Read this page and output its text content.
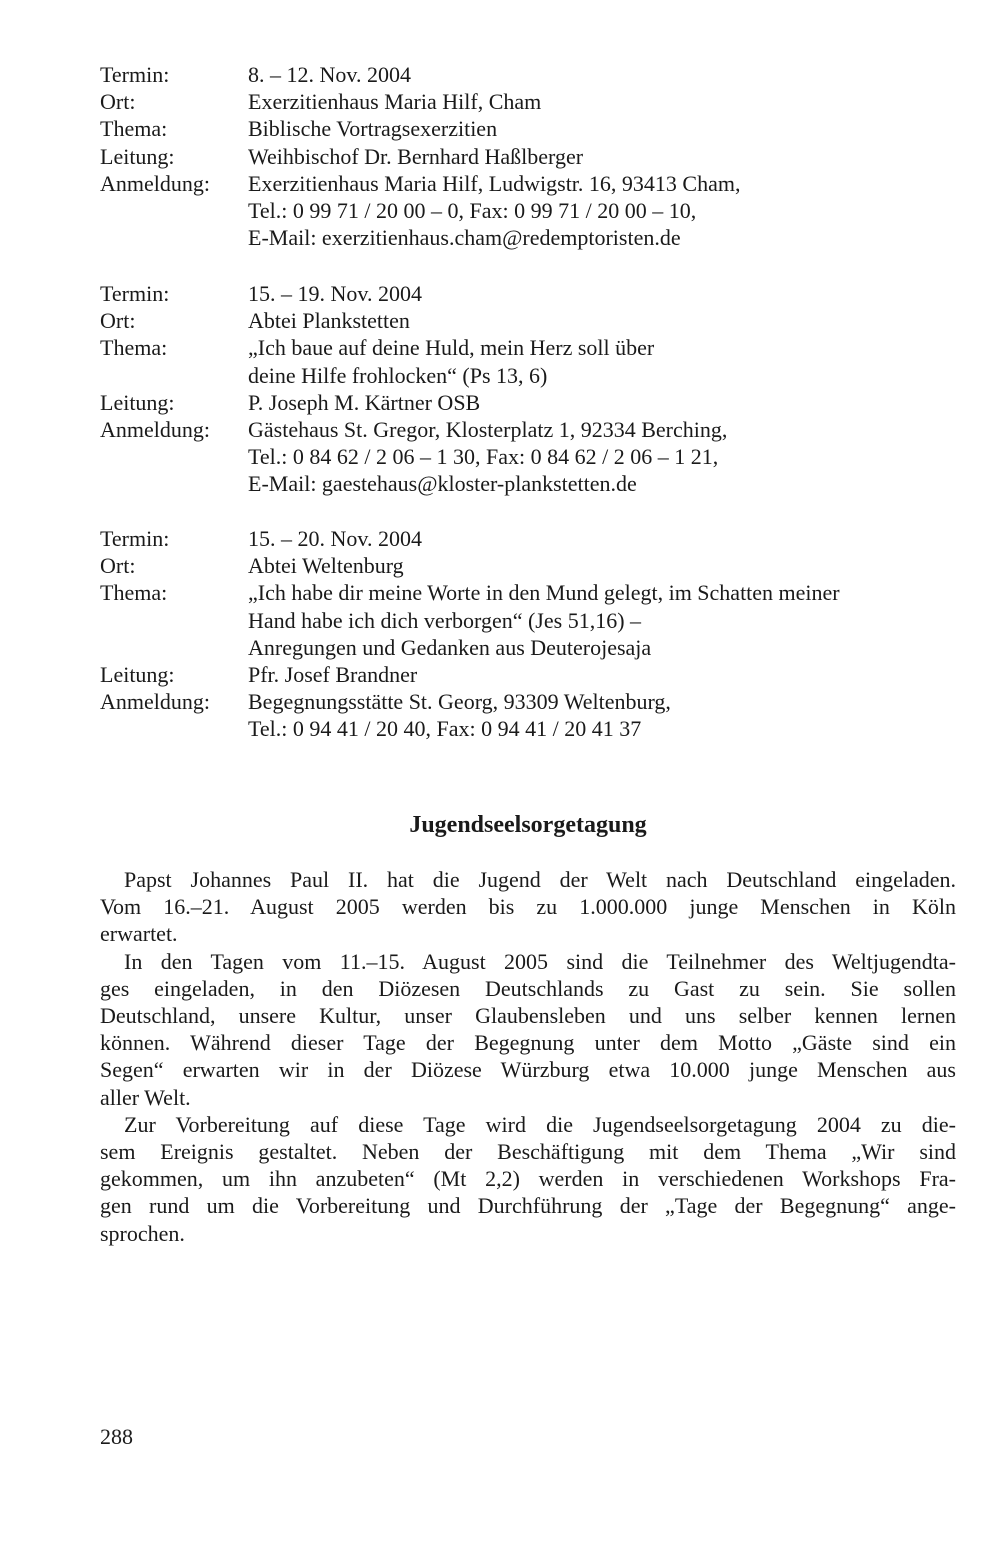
Termin:	8. – 12. Nov. 2004
Ort:	Exerzitienhaus Maria Hilf, Cham
Thema:	Biblische Vortragsexerzitien
Leitung:	Weihbischof Dr. Bernhard Haßlberger
Anmeldung:	Exerzitienhaus Maria Hilf, Ludwigstr. 16, 93413 Cham,
Tel.: 0 99 71 / 20 00 – 0, Fax: 0 99 71 / 20 00 – 10,
E-Mail: exerzitienhaus.cham@redemptoristen.de
Termin:	15. – 19. Nov. 2004
Ort:	Abtei Plankstetten
Thema:	„Ich baue auf deine Huld, mein Herz soll über
deine Hilfe frohlocken“ (Ps 13, 6)
Leitung:	P. Joseph M. Kärtner OSB
Anmeldung:	Gästehaus St. Gregor, Klosterplatz 1, 92334 Berching,
Tel.: 0 84 62 / 2 06 – 1 30, Fax: 0 84 62 / 2 06 – 1 21,
E-Mail: gaestehaus@kloster-plankstetten.de
Termin:	15. – 20. Nov. 2004
Ort:	Abtei Weltenburg
Thema:	„Ich habe dir meine Worte in den Mund gelegt, im Schatten meiner
Hand habe ich dich verborgen“ (Jes 51,16) –
Anregungen und Gedanken aus Deuterojesaja
Leitung:	Pfr. Josef Brandner
Anmeldung:	Begegnungsstätte St. Georg, 93309 Weltenburg,
Tel.: 0 94 41 / 20 40, Fax: 0 94 41 / 20 41 37
Jugendseelsorgetagung

Papst Johannes Paul II. hat die Jugend der Welt nach Deutschland eingeladen.
Vom 16.–21. August 2005 werden bis zu 1.000.000 junge Menschen in Köln
erwartet.

In den Tagen vom 11.–15. August 2005 sind die Teilnehmer des Weltjugendta-
ges eingeladen, in den Diözesen Deutschlands zu Gast zu sein. Sie sollen
Deutschland, unsere Kultur, unser Glaubensleben und uns selber kennen lernen
können. Während dieser Tage der Begegnung unter dem Motto „Gäste sind ein
Segen“ erwarten wir in der Diözese Würzburg etwa 10.000 junge Menschen aus
aller Welt.

Zur Vorbereitung auf diese Tage wird die Jugendseelsorgetagung 2004 zu die-
sem Ereignis gestaltet. Neben der Beschäftigung mit dem Thema „Wir sind
gekommen, um ihn anzubeten“ (Mt 2,2) werden in verschiedenen Workshops Fra-
gen rund um die Vorbereitung und Durchführung der „Tage der Begegnung“ ange-
sprochen.

288
